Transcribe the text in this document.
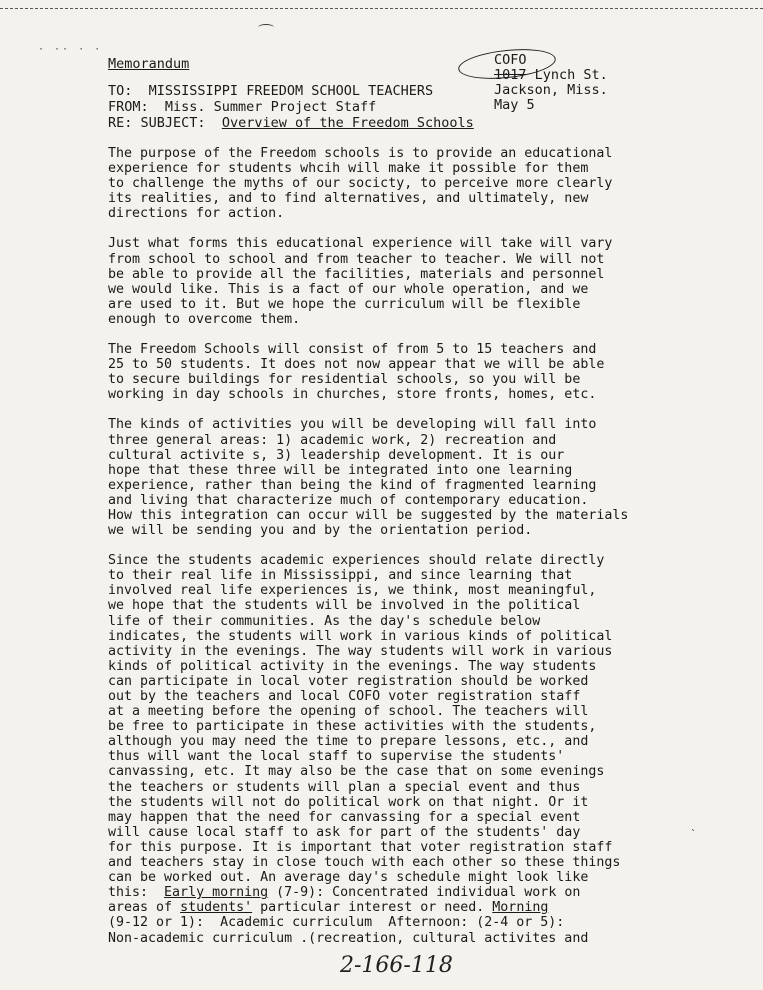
· ·· · ·
Memorandum	COFO
1017 Lynch St.
Jackson, Miss.
May 5
TO: MISSISSIPPI FREEDOM SCHOOL TEACHERS
FROM: Miss. Summer Project Staff
RE: SUBJECT: Overview of the Freedom Schools
The purpose of the Freedom schools is to provide an educational
experience for students whcih will make it possible for them
to challenge the myths of our socicty, to perceive more clearly
its realities, and to find alternatives, and ultimately, new
directions for action.
Just what forms this educational experience will take will vary
from school to school and from teacher to teacher. We will not
be able to provide all the facilities, materials and personnel
we would like. This is a fact of our whole operation, and we
are used to it. But we hope the curriculum will be flexible
enough to overcome them.
The Freedom Schools will consist of from 5 to 15 teachers and
25 to 50 students. It does not now appear that we will be able
to secure buildings for residential schools, so you will be
working in day schools in churches, store fronts, homes, etc.
The kinds of activities you will be developing will fall into
three general areas: 1) academic work, 2) recreation and
cultural activite s, 3) leadership development. It is our
hope that these three will be integrated into one learning
experience, rather than being the kind of fragmented learning
and living that characterize much of contemporary education.
How this integration can occur will be suggested by the materials
we will be sending you and by the orientation period.
Since the students academic experiences should relate directly
to their real life in Mississippi, and since learning that
involved real life experiences is, we think, most meaningful,
we hope that the students will be involved in the political
life of their communities. As the day's schedule below
indicates, the students will work in various kinds of political
activity in the evenings. The way students will work in various
kinds of political activity in the evenings. The way students
can participate in local voter registration should be worked
out by the teachers and local COFO voter registration staff
at a meeting before the opening of school. The teachers will
be free to participate in these activities with the students,
although you may need the time to prepare lessons, etc., and
thus will want the local staff to supervise the students'
canvassing, etc. It may also be the case that on some evenings
the teachers or students will plan a special event and thus
the students will not do political work on that night. Or it
may happen that the need for canvassing for a special event
will cause local staff to ask for part of the students' day
for this purpose. It is important that voter registration staff
and teachers stay in close touch with each other so these things
can be worked out. An average day's schedule might look like
this:  Early morning (7-9): Concentrated individual work on
areas of students' particular interest or need. Morning
(9-12 or 1):  Academic curriculum  Afternoon: (2-4 or 5):
Non-academic curriculum .(recreation, cultural activites and
2-166-118
ˎ
